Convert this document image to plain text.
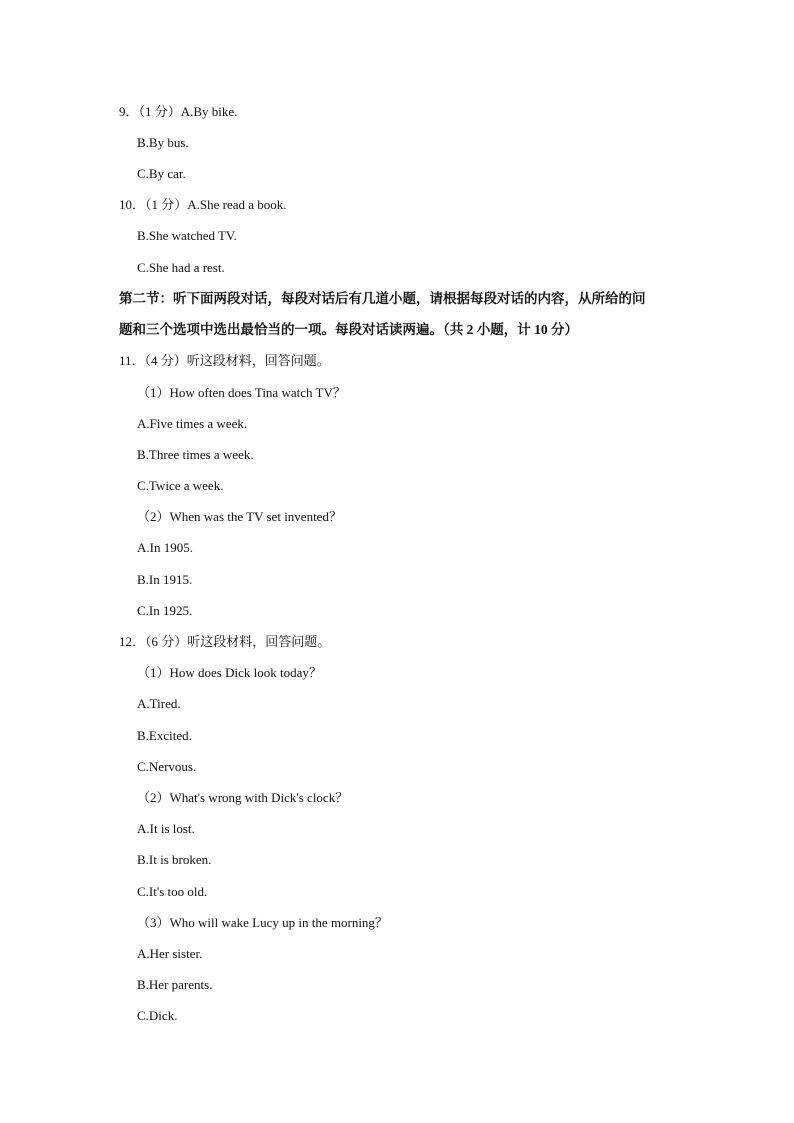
9．（1 分）A.By bike.
B.By bus.
C.By car.
10．（1 分）A.She read a book.
B.She watched TV.
C.She had a rest.
第二节：听下面两段对话，每段对话后有几道小题，请根据每段对话的内容，从所给的问
题和三个选项中选出最恰当的一项。每段对话读两遍。（共 2 小题，计 10 分）
11．（4 分）听这段材料，回答问题。
（1）How often does Tina watch TV？
A.Five times a week.
B.Three times a week.
C.Twice a week.
（2）When was the TV set invented？
A.In 1905.
B.In 1915.
C.In 1925.
12．（6 分）听这段材料，回答问题。
（1）How does Dick look today？
A.Tired.
B.Excited.
C.Nervous.
（2）What's wrong with Dick's clock？
A.It is lost.
B.It is broken.
C.It's too old.
（3）Who will wake Lucy up in the morning？
A.Her sister.
B.Her parents.
C.Dick.
